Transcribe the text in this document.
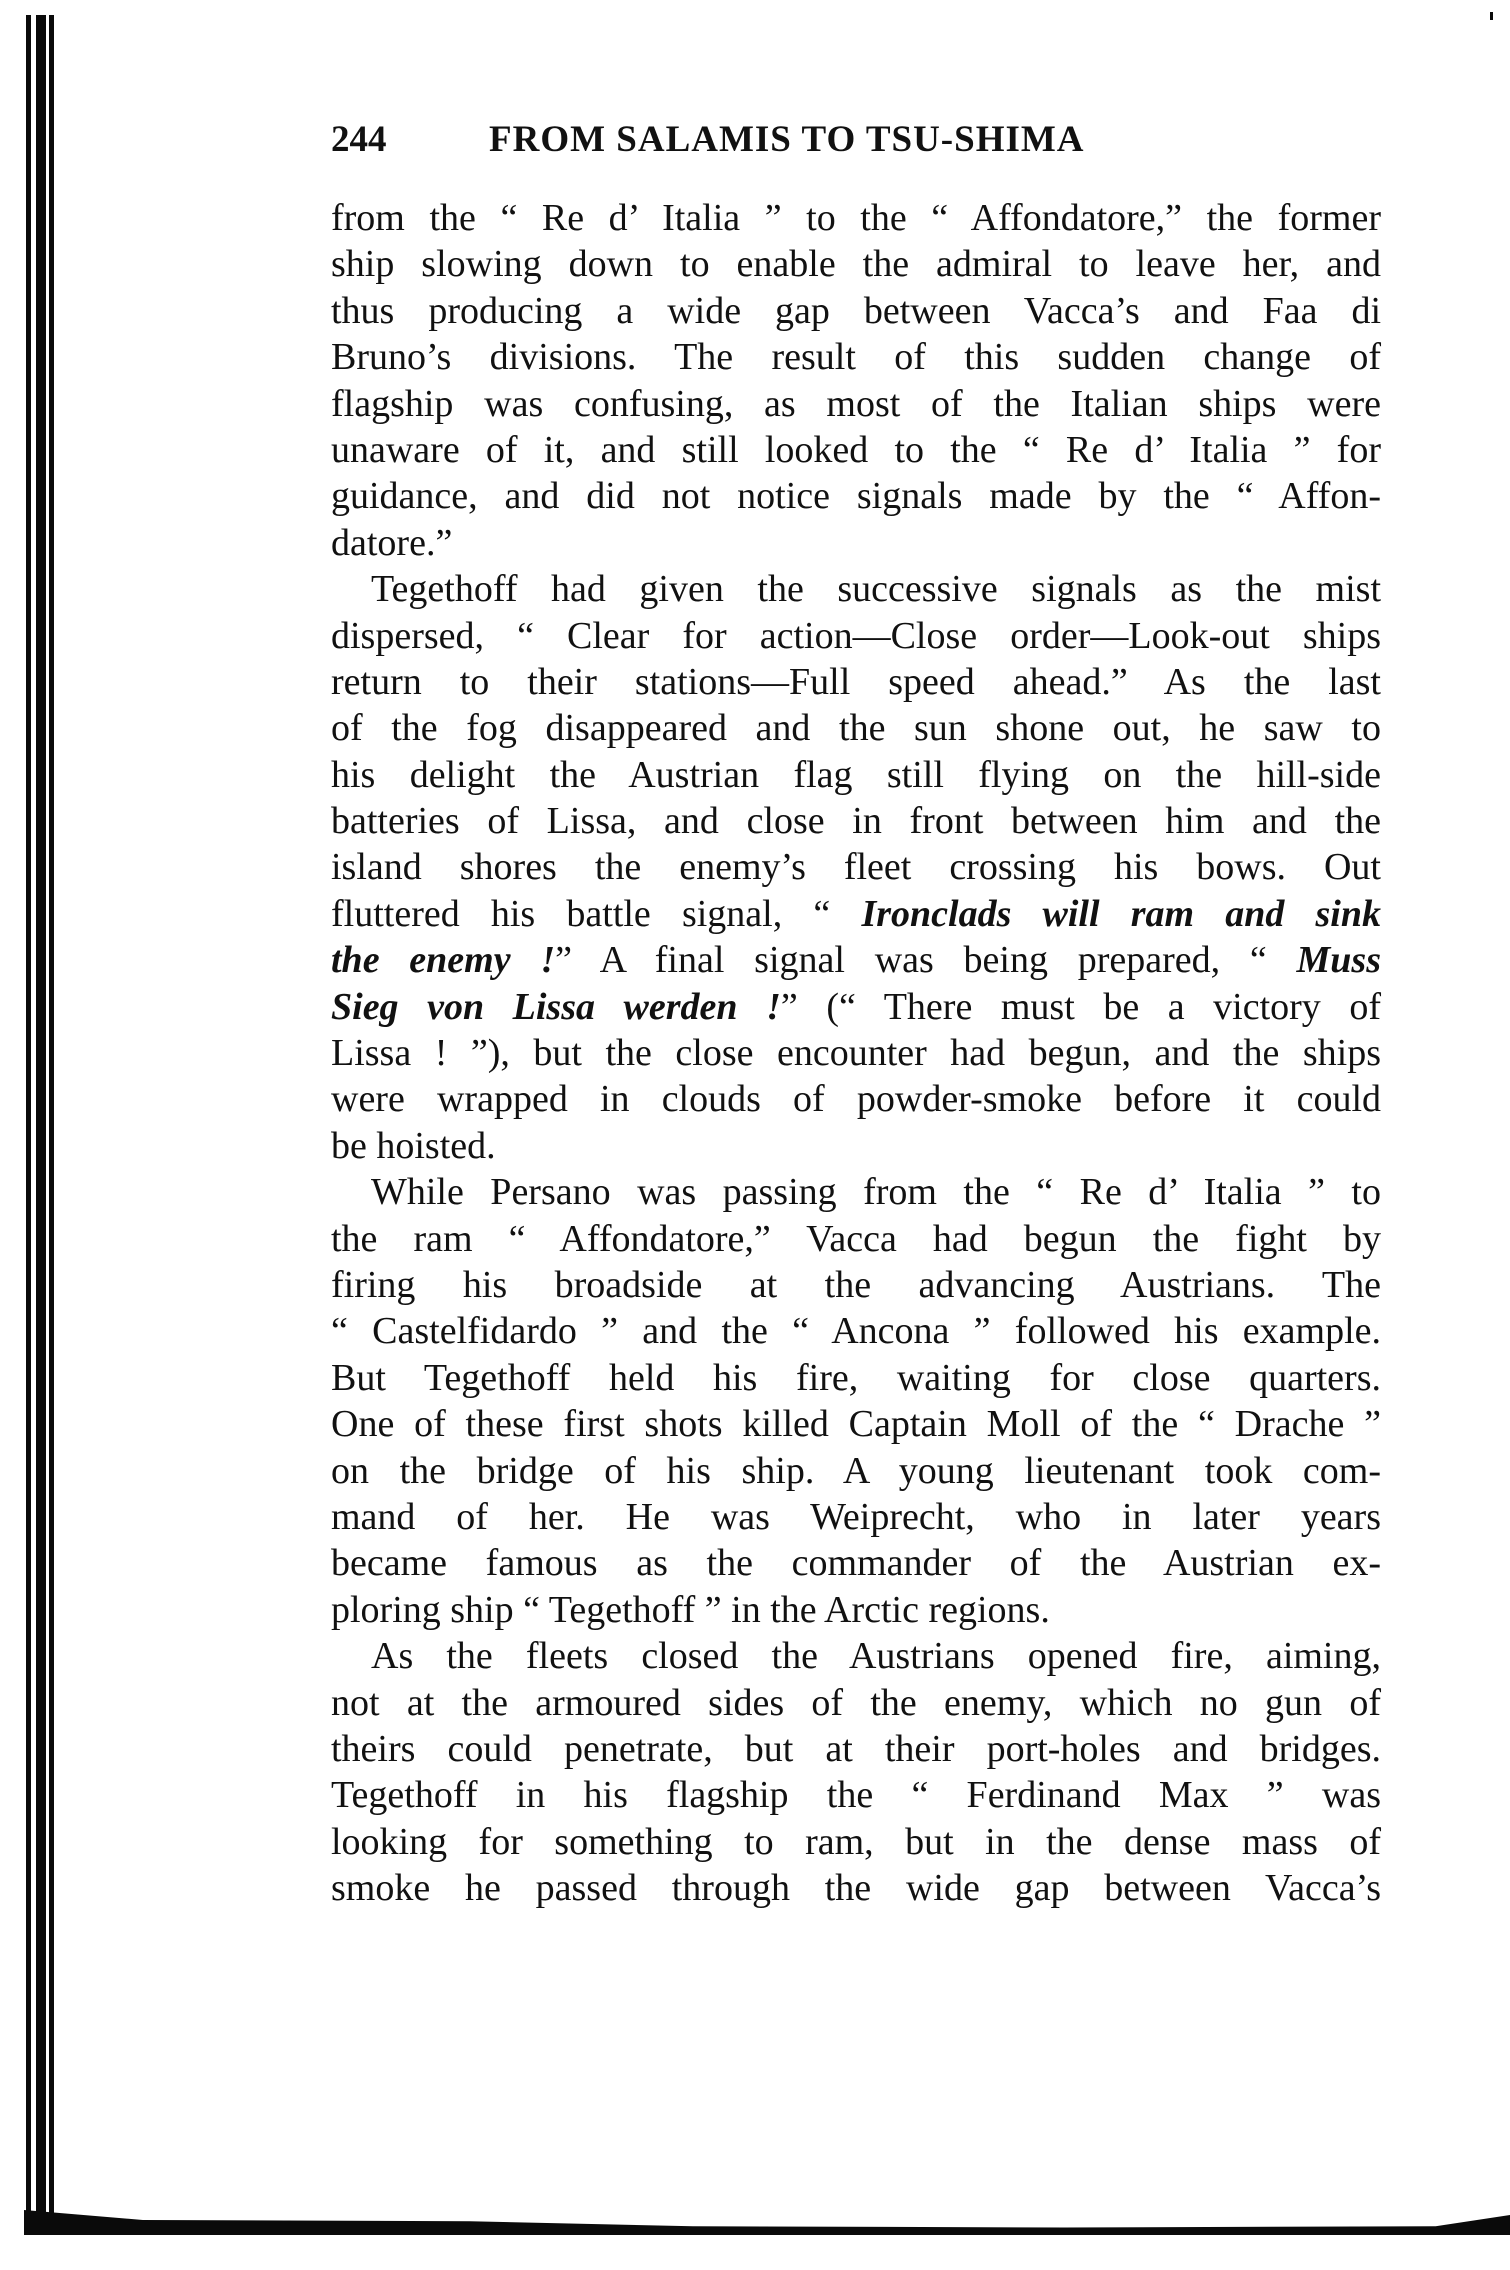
244	FROM SALAMIS TO TSU-SHIMA
from the “ Re d’ Italia ” to the “ Affondatore,” the former
ship slowing down to enable the admiral to leave her, and
thus producing a wide gap between Vacca’s and Faa di
Bruno’s divisions. The result of this sudden change of
flagship was confusing, as most of the Italian ships were
unaware of it, and still looked to the “ Re d’ Italia ” for
guidance, and did not notice signals made by the “ Affon-
datore.”
Tegethoff had given the successive signals as the mist
dispersed, “ Clear for action—Close order—Look-out ships
return to their stations—Full speed ahead.” As the last
of the fog disappeared and the sun shone out, he saw to
his delight the Austrian flag still flying on the hill-side
batteries of Lissa, and close in front between him and the
island shores the enemy’s fleet crossing his bows. Out
fluttered his battle signal, “ Ironclads will ram and sink
the enemy !” A final signal was being prepared, “ Muss
Sieg von Lissa werden !” (“ There must be a victory of
Lissa ! ”), but the close encounter had begun, and the ships
were wrapped in clouds of powder-smoke before it could
be hoisted.
While Persano was passing from the “ Re d’ Italia ” to
the ram “ Affondatore,” Vacca had begun the fight by
firing his broadside at the advancing Austrians. The
“ Castelfidardo ” and the “ Ancona ” followed his example.
But Tegethoff held his fire, waiting for close quarters.
One of these first shots killed Captain Moll of the “ Drache ”
on the bridge of his ship. A young lieutenant took com-
mand of her. He was Weiprecht, who in later years
became famous as the commander of the Austrian ex-
ploring ship “ Tegethoff ” in the Arctic regions.
As the fleets closed the Austrians opened fire, aiming,
not at the armoured sides of the enemy, which no gun of
theirs could penetrate, but at their port-holes and bridges.
Tegethoff in his flagship the “ Ferdinand Max ” was
looking for something to ram, but in the dense mass of
smoke he passed through the wide gap between Vacca’s
